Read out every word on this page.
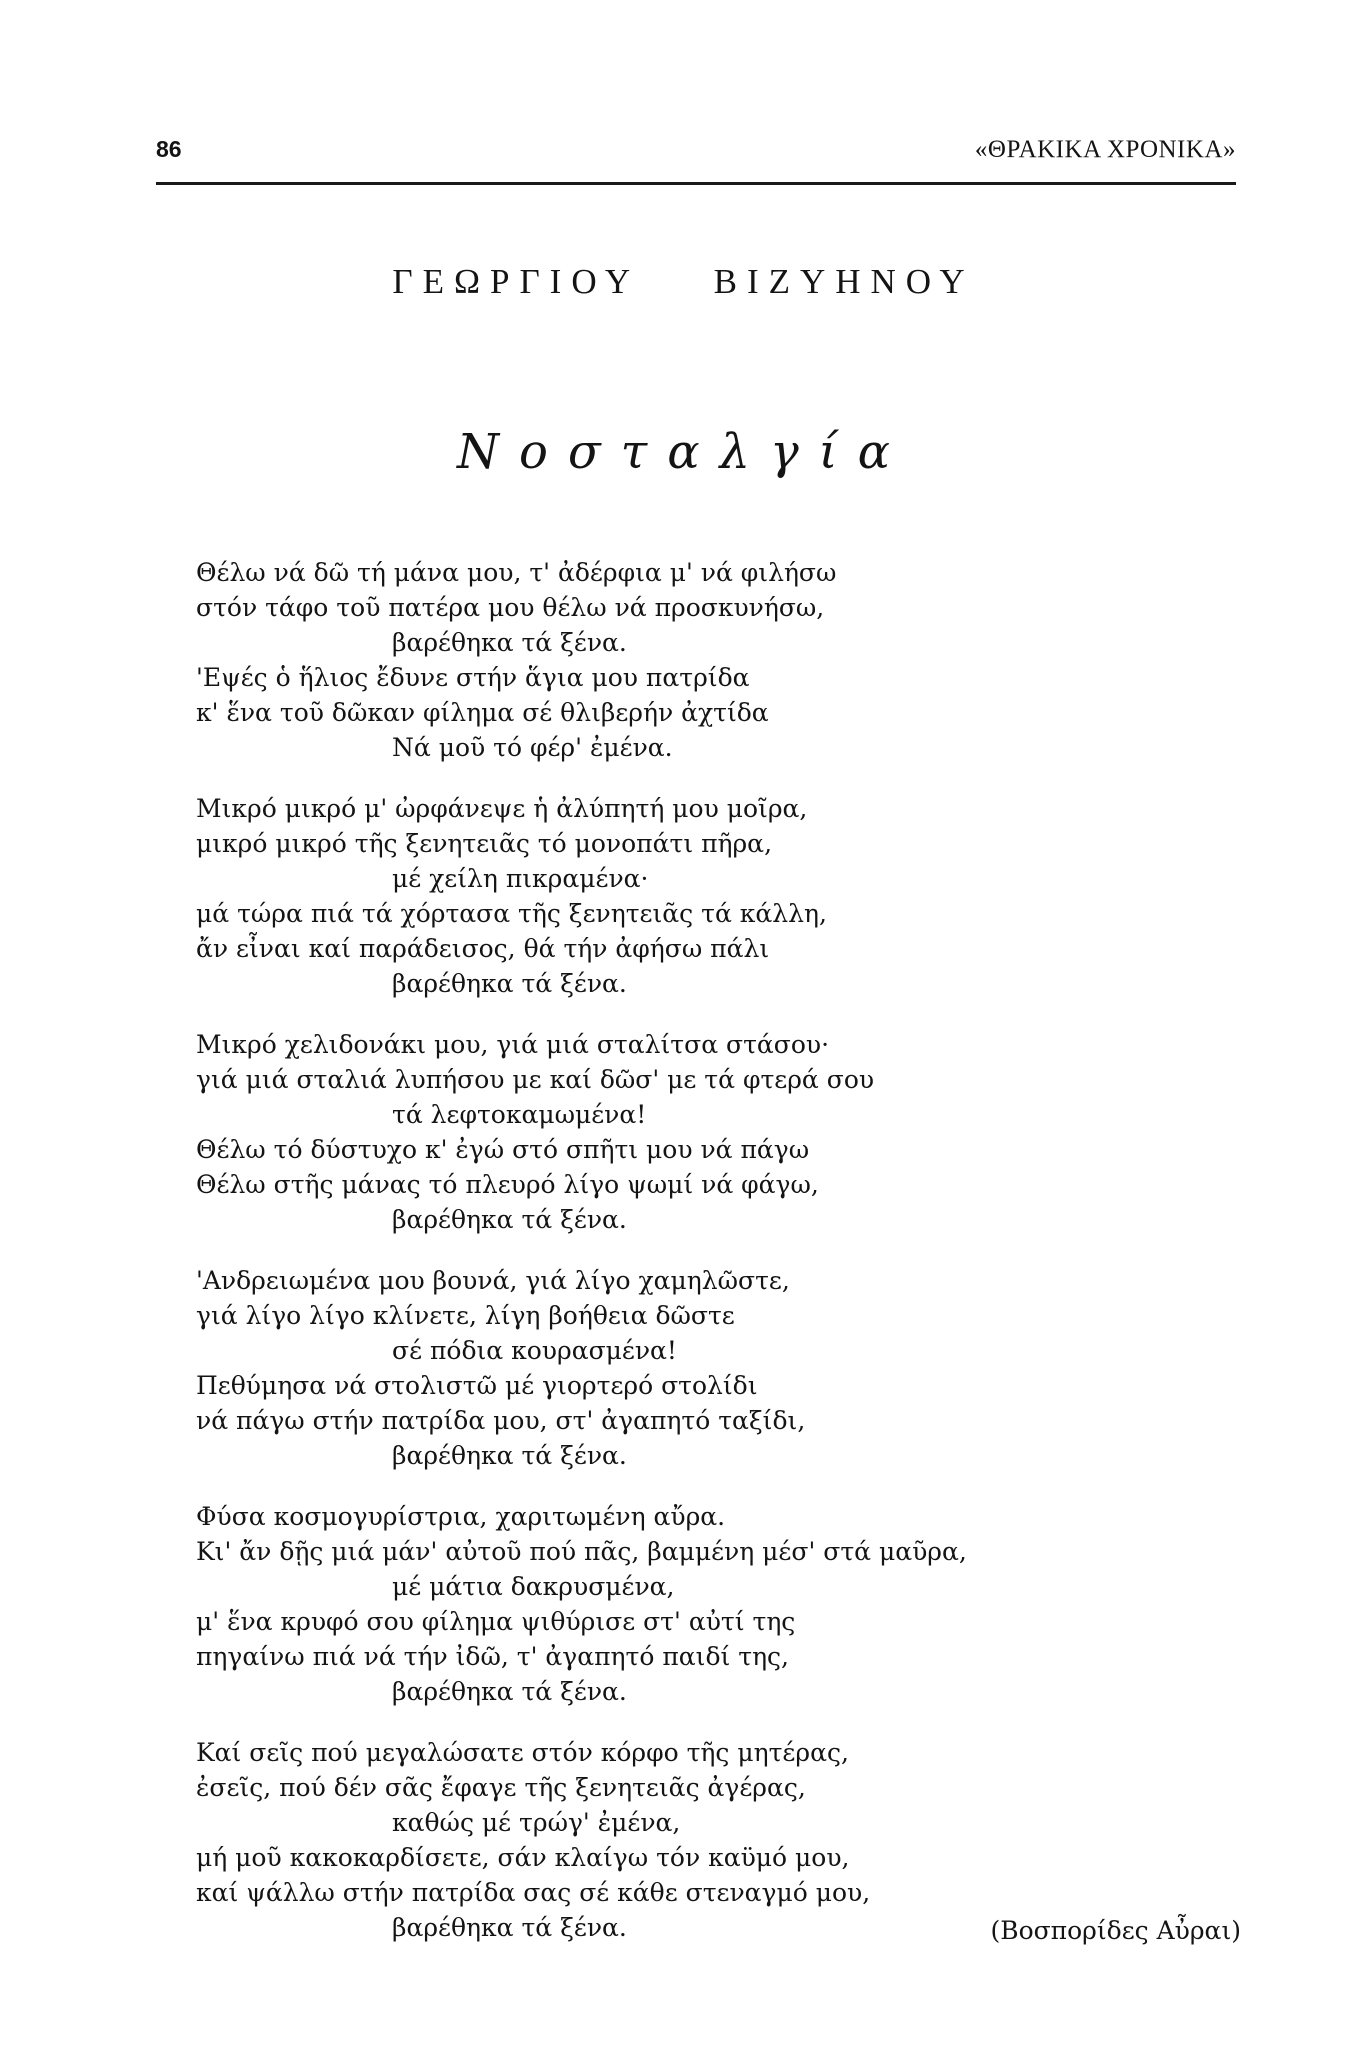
86	«ΘΡΑΚΙΚΑ ΧΡΟΝΙΚΑ»
ΓΕΩΡΓΙΟΥ ΒΙΖΥΗΝΟΥ
Νοσταλγία
Θέλω νά δῶ τή μάνα μου, τ' ἀδέρφια μ' νά φιλήσω
στόν τάφο τοῦ πατέρα μου θέλω νά προσκυνήσω,
βαρέθηκα τά ξένα.
'Εψές ὁ ἥλιος ἔδυνε στήν ἅγια μου πατρίδα
κ' ἕνα τοῦ δῶκαν φίλημα σέ θλιβερήν ἀχτίδα
Νά μοῦ τό φέρ' ἐμένα.
Μικρό μικρό μ' ὠρφάνεψε ἡ ἀλύπητή μου μοῖρα,
μικρό μικρό τῆς ξενητειᾶς τό μονοπάτι πῆρα,
μέ χείλη πικραμένα·
μά τώρα πιά τά χόρτασα τῆς ξενητειᾶς τά κάλλη,
ἄν εἶναι καί παράδεισος, θά τήν ἀφήσω πάλι
βαρέθηκα τά ξένα.
Μικρό χελιδονάκι μου, γιά μιά σταλίτσα στάσου·
γιά μιά σταλιά λυπήσου με καί δῶσ' με τά φτερά σου
τά λεφτοκαμωμένα!
Θέλω τό δύστυχο κ' ἐγώ στό σπῆτι μου νά πάγω
Θέλω στῆς μάνας τό πλευρό λίγο ψωμί νά φάγω,
βαρέθηκα τά ξένα.
'Ανδρειωμένα μου βουνά, γιά λίγο χαμηλῶστε,
γιά λίγο λίγο κλίνετε, λίγη βοήθεια δῶστε
σέ πόδια κουρασμένα!
Πεθύμησα νά στολιστῶ μέ γιορτερό στολίδι
νά πάγω στήν πατρίδα μου, στ' ἀγαπητό ταξίδι,
βαρέθηκα τά ξένα.
Φύσα κοσμογυρίστρια, χαριτωμένη αὔρα.
Κι' ἄν δῇς μιά μάν' αὐτοῦ πού πᾶς, βαμμένη μέσ' στά μαῦρα,
μέ μάτια δακρυσμένα,
μ' ἕνα κρυφό σου φίλημα ψιθύρισε στ' αὐτί της
πηγαίνω πιά νά τήν ἰδῶ, τ' ἀγαπητό παιδί της,
βαρέθηκα τά ξένα.
Καί σεῖς πού μεγαλώσατε στόν κόρφο τῆς μητέρας,
ἐσεῖς, πού δέν σᾶς ἔφαγε τῆς ξενητειᾶς ἀγέρας,
καθώς μέ τρώγ' ἐμένα,
μή μοῦ κακοκαρδίσετε, σάν κλαίγω τόν καϋμό μου,
καί ψάλλω στήν πατρίδα σας σέ κάθε στεναγμό μου,
βαρέθηκα τά ξένα.	(Βοσπορίδες Αὖραι)
